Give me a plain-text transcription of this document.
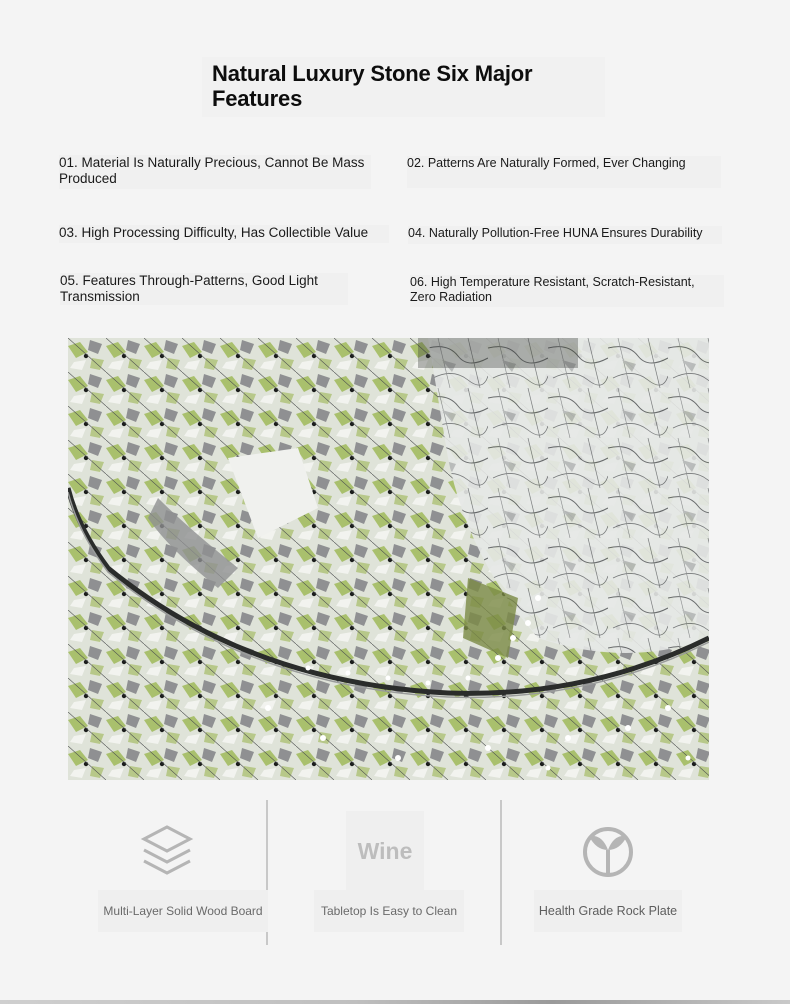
Natural Luxury Stone Six Major Features
01. Material Is Naturally Precious, Cannot Be Mass Produced
02. Patterns Are Naturally Formed, Ever Changing
03. High Processing Difficulty, Has Collectible Value	04. Naturally Pollution-Free HUNA Ensures Durability
05. Features Through-Patterns, Good Light Transmission
06. High Temperature Resistant, Scratch-Resistant, Zero Radiation
Multi-Layer Solid Wood Board
Wine
Tabletop Is Easy to Clean	Health Grade Rock Plate
